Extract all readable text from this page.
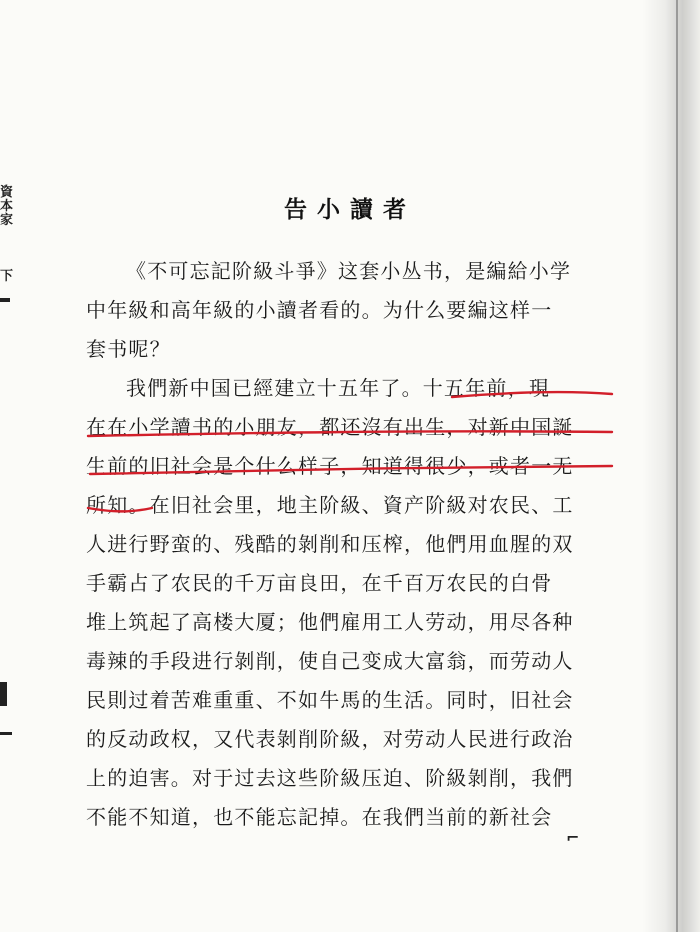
資
本
家
下
告小讀者
《不可忘記阶級斗爭》这套小丛书，是編給小学
中年級和高年級的小讀者看的。为什么要編这样一
套书呢？
我們新中国已經建立十五年了。十五年前，現
在在小学讀书的小朋友，都还沒有出生，对新中国誕
生前的旧社会是个什么样子，知道得很少，或者一无
所知。在旧社会里，地主阶級、資产阶級对农民、工
人进行野蛮的、残酷的剝削和压榨，他們用血腥的双
手霸占了农民的千万亩良田，在千百万农民的白骨
堆上筑起了高楼大厦；他們雇用工人劳动，用尽各种
毒辣的手段进行剝削，使自己变成大富翁，而劳动人
民則过着苦难重重、不如牛馬的生活。同时，旧社会
的反动政权，又代表剝削阶級，对劳动人民进行政治
上的迫害。对于过去这些阶級压迫、阶級剝削，我們
不能不知道，也不能忘記掉。在我們当前的新社会
⌐
